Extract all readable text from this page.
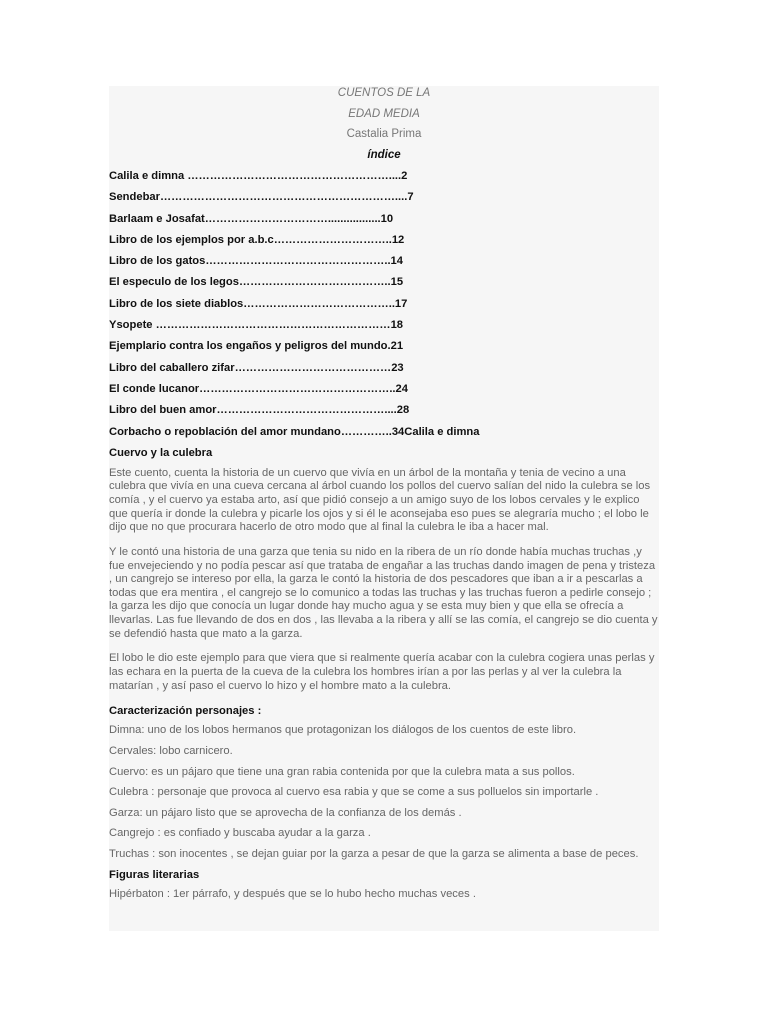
CUENTOS DE LA

EDAD MEDIA

Castalia Prima

índice

Calila e dimna ………………………………………………....2
Sendebar………………………………………………………....7
Barlaam e Josafat…………………………….................10
Libro de los ejemplos por a.b.c…………………………..12
Libro de los gatos…………………………………………..14
El especulo de los legos…………………………………..15
Libro de los siete diablos…………………………………..17
Ysopete ………………………………………………………18
Ejemplario contra los engaños y peligros del mundo.21
Libro del caballero zifar……………………………………23
El conde lucanor……………………………………………..24
Libro del buen amor………………………………………....28
Corbacho o repoblación del amor mundano…………..34Calila e dimna
Cuervo y la culebra

Este cuento, cuenta la historia de un cuervo que vivía en un árbol de la montaña y tenia de vecino a una culebra que vivía en una cueva cercana al árbol cuando los pollos del cuervo salían del nido la culebra se los comía , y el cuervo ya estaba arto, así que pidió consejo a un amigo suyo de los lobos cervales y le explico que quería ir donde la culebra y picarle los ojos y si él le aconsejaba eso pues se alegraría mucho ; el lobo le dijo que no que procurara hacerlo de otro modo que al final la culebra le iba a hacer mal.

Y le contó una historia de una garza que tenia su nido en la ribera de un río donde había muchas truchas ,y fue envejeciendo y no podía pescar así que trataba de engañar a las truchas dando imagen de pena y tristeza , un cangrejo se intereso por ella, la garza le contó la historia de dos pescadores que iban a ir a pescarlas a todas que era mentira , el cangrejo se lo comunico a todas las truchas y las truchas fueron a pedirle consejo ; la garza les dijo que conocía un lugar donde hay mucho agua y se esta muy bien y que ella se ofrecía a llevarlas. Las fue llevando de dos en dos , las llevaba a la ribera y allí se las comía, el cangrejo se dio cuenta y se defendió hasta que mato a la garza.

El lobo le dio este ejemplo para que viera que si realmente quería acabar con la culebra cogiera unas perlas y las echara en la puerta de la cueva de la culebra los hombres irían a por las perlas y al ver la culebra la matarían , y así paso el cuervo lo hizo y el hombre mato a la culebra.

Caracterización personajes :

Dimna: uno de los lobos hermanos que protagonizan los diálogos de los cuentos de este libro.

Cervales: lobo carnicero.

Cuervo: es un pájaro que tiene una gran rabia contenida por que la culebra mata a sus pollos.

Culebra : personaje que provoca al cuervo esa rabia y que se come a sus polluelos sin importarle .

Garza: un pájaro listo que se aprovecha de la confianza de los demás .

Cangrejo : es confiado y buscaba ayudar a la garza .

Truchas : son inocentes , se dejan guiar por la garza a pesar de que la garza se alimenta a base de peces.

Figuras literarias

Hipérbaton : 1er párrafo, y después que se lo hubo hecho muchas veces .
